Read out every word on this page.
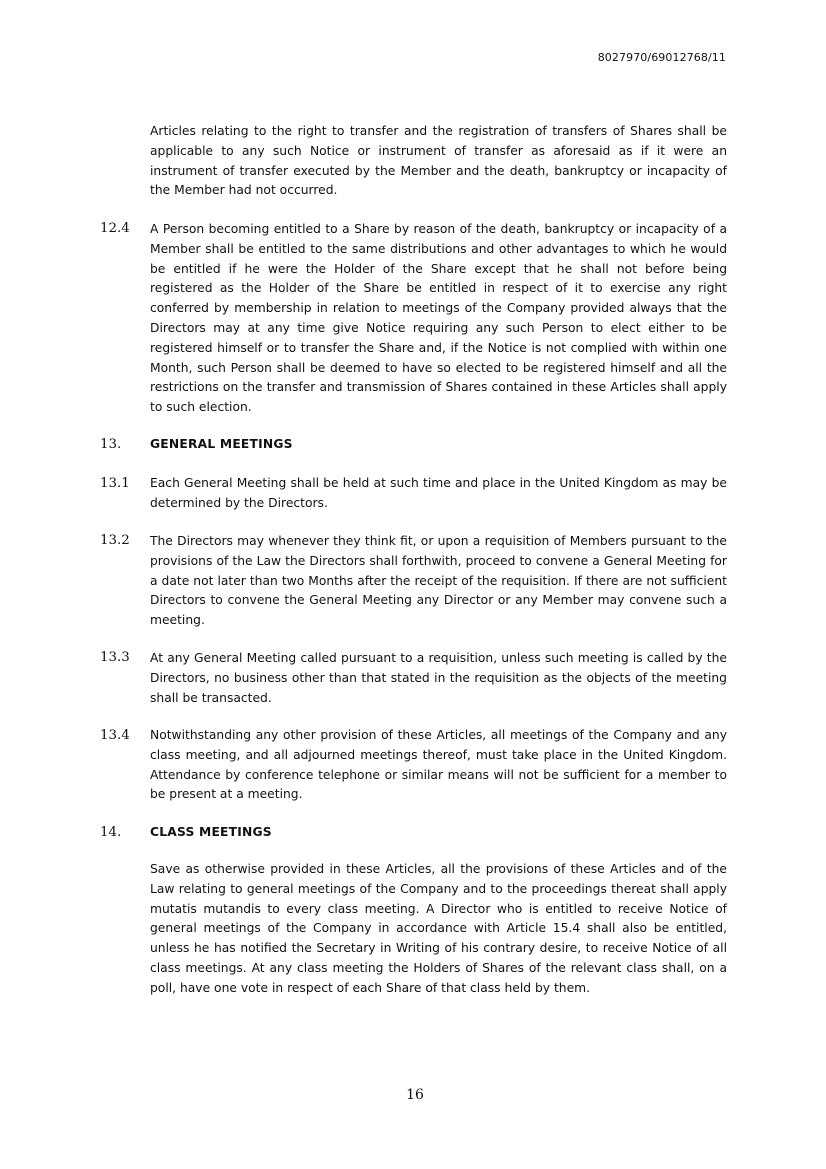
8027970/69012768/11
Articles relating to the right to transfer and the registration of transfers of Shares shall be applicable to any such Notice or instrument of transfer as aforesaid as if it were an instrument of transfer executed by the Member and the death, bankruptcy or incapacity of the Member had not occurred.
12.4 A Person becoming entitled to a Share by reason of the death, bankruptcy or incapacity of a Member shall be entitled to the same distributions and other advantages to which he would be entitled if he were the Holder of the Share except that he shall not before being registered as the Holder of the Share be entitled in respect of it to exercise any right conferred by membership in relation to meetings of the Company provided always that the Directors may at any time give Notice requiring any such Person to elect either to be registered himself or to transfer the Share and, if the Notice is not complied with within one Month, such Person shall be deemed to have so elected to be registered himself and all the restrictions on the transfer and transmission of Shares contained in these Articles shall apply to such election.
13. GENERAL MEETINGS
13.1 Each General Meeting shall be held at such time and place in the United Kingdom as may be determined by the Directors.
13.2 The Directors may whenever they think fit, or upon a requisition of Members pursuant to the provisions of the Law the Directors shall forthwith, proceed to convene a General Meeting for a date not later than two Months after the receipt of the requisition. If there are not sufficient Directors to convene the General Meeting any Director or any Member may convene such a meeting.
13.3 At any General Meeting called pursuant to a requisition, unless such meeting is called by the Directors, no business other than that stated in the requisition as the objects of the meeting shall be transacted.
13.4 Notwithstanding any other provision of these Articles, all meetings of the Company and any class meeting, and all adjourned meetings thereof, must take place in the United Kingdom. Attendance by conference telephone or similar means will not be sufficient for a member to be present at a meeting.
14. CLASS MEETINGS
Save as otherwise provided in these Articles, all the provisions of these Articles and of the Law relating to general meetings of the Company and to the proceedings thereat shall apply mutatis mutandis to every class meeting. A Director who is entitled to receive Notice of general meetings of the Company in accordance with Article 15.4 shall also be entitled, unless he has notified the Secretary in Writing of his contrary desire, to receive Notice of all class meetings. At any class meeting the Holders of Shares of the relevant class shall, on a poll, have one vote in respect of each Share of that class held by them.
16
